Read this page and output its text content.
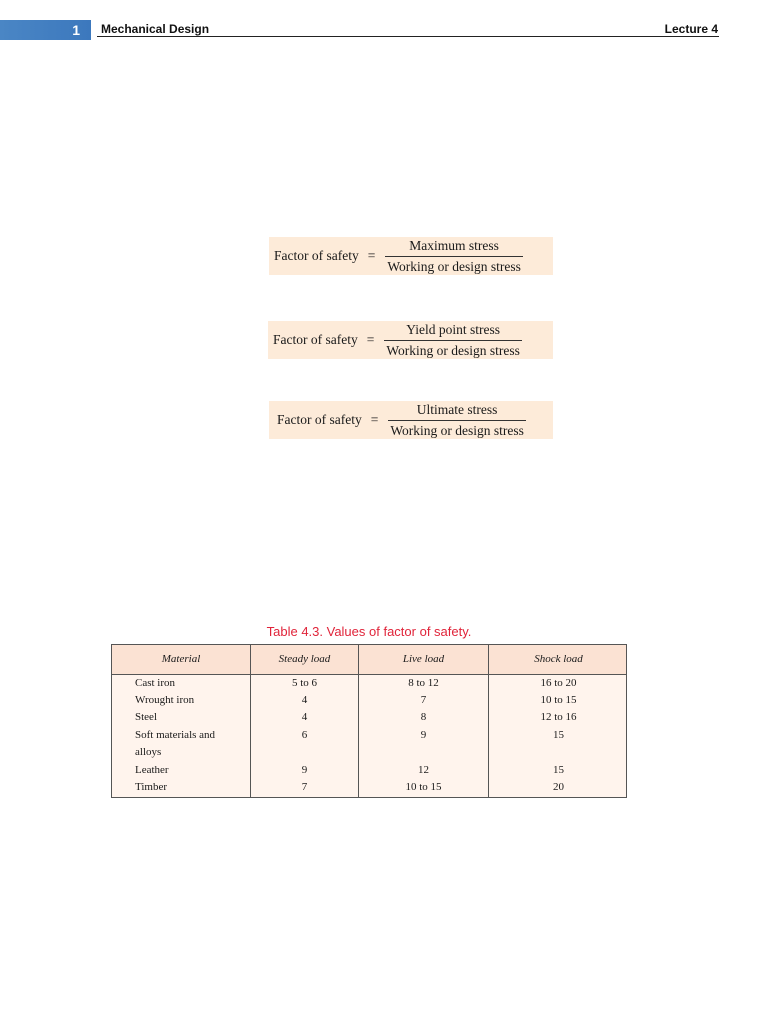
1	Mechanical Design	Lecture 4
Factor of safety = $\frac{\text{Maximum stress}}{\text{Working or design stress}}$
Factor of safety = $\frac{\text{Yield point stress}}{\text{Working or design stress}}$
Factor of safety = $\frac{\text{Ultimate stress}}{\text{Working or design stress}}$
Table 4.3. Values of factor of safety.
Material	Steady load	Live load	Shock load
Cast iron	5 to 6	8 to 12	16 to 20
Wrought iron	4	7	10 to 15
Steel	4	8	12 to 16
Soft materials and	6	9	15
alloys
Leather	9	12	15
Timber	7	10 to 15	20
